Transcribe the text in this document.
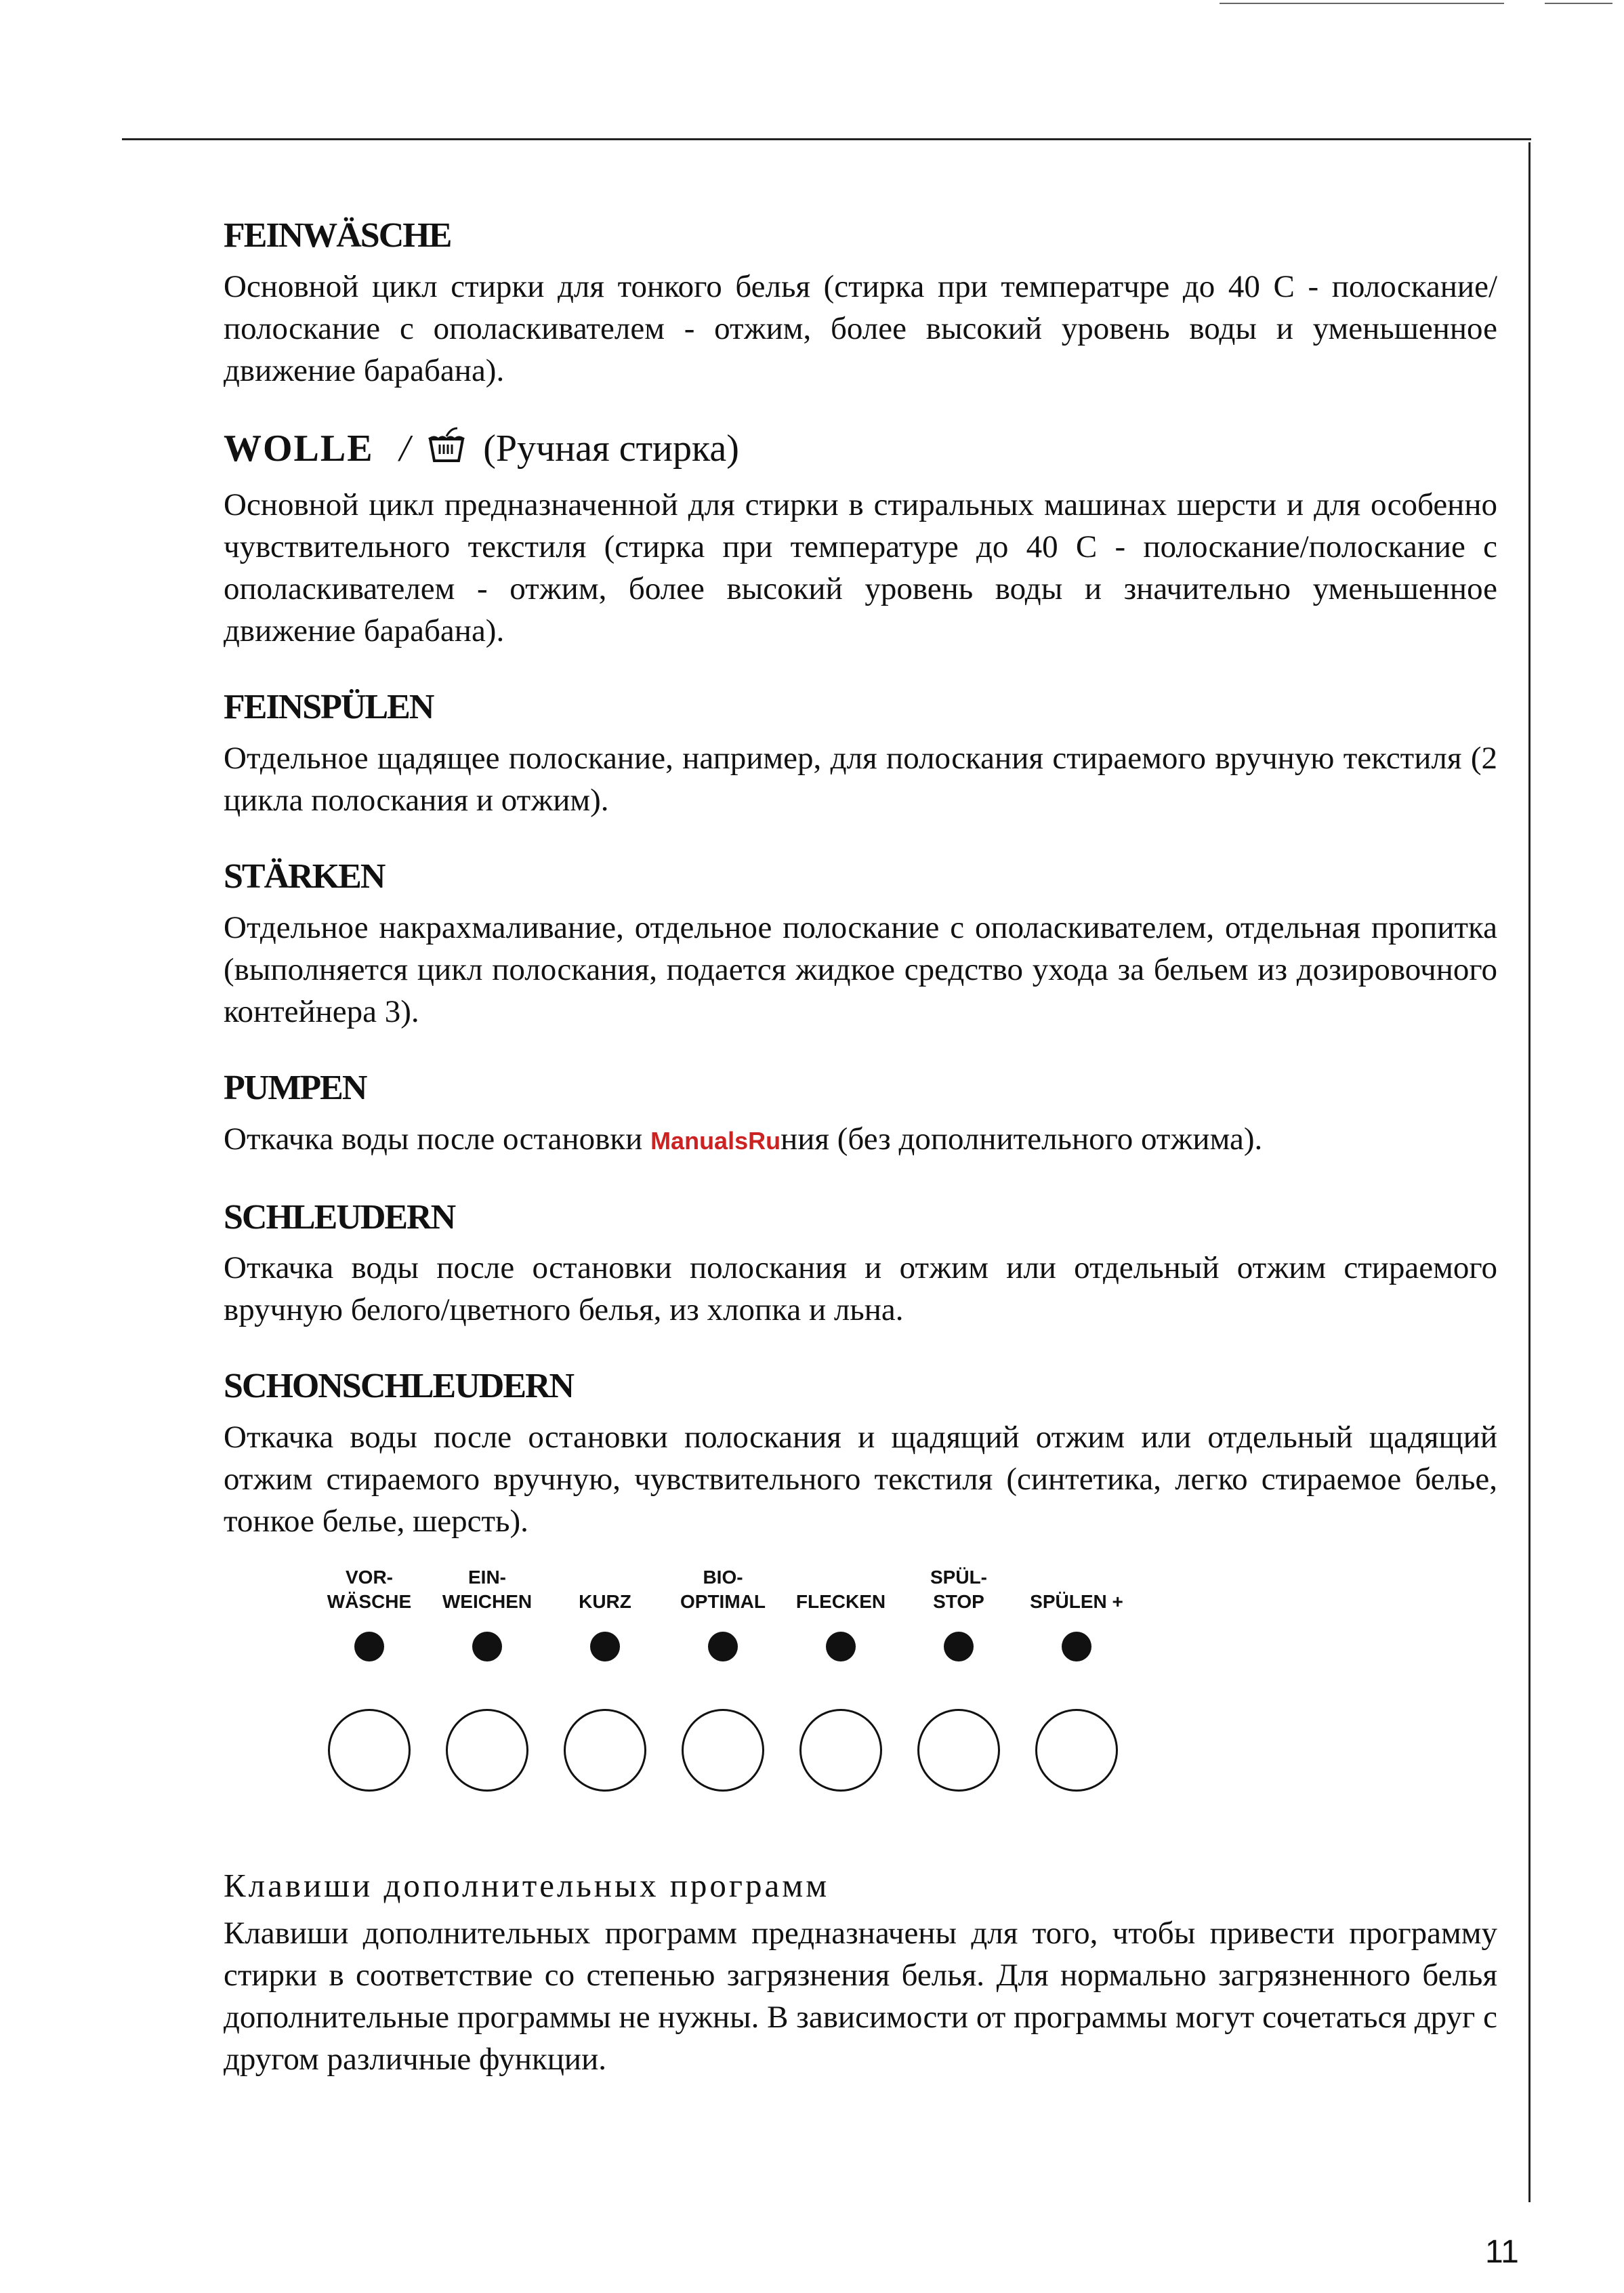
FEINWÄSCHE

Основной цикл стирки для тонкого белья (стирка при температчре до 40 С - полоскание/полоскание с ополаскивателем - отжим, более высокий уровень воды и уменьшенное движение барабана).

WOLLE / (Ручная стирка)

Основной цикл предназначенной для стирки в стиральных машинах шерсти и для особенно чувствительного текстиля (стирка при температуре до 40 С - полоскание/полоскание с ополаскивателем - отжим, более высокий уровень воды и значительно уменьшенное движение барабана).

FEINSPÜLEN

Отдельное щадящее полоскание, например, для полоскания стираемого вручную текстиля (2 цикла полоскания и отжим).

STÄRKEN

Отдельное накрахмаливание, отдельное полоскание с ополаскивателем, отдельная пропитка (выполняется цикл полоскания, подается жидкое средство ухода за бельем из дозировочного контейнера 3).

PUMPEN

Откачка воды после остановки ManualsRuния (без дополнительного отжима).

SCHLEUDERN

Откачка воды после остановки полоскания и отжим или отдельный отжим стираемого вручную белого/цветного белья, из хлопка и льна.

SCHONSCHLEUDERN

Откачка воды после остановки полоскания и щадящий отжим или отдельный щадящий отжим стираемого вручную, чувствительного текстиля (синтетика, легко стираемое белье, тонкое белье, шерсть).

VOR-
WÄSCHE
EIN-
WEICHEN	KURZ
BIO-
OPTIMAL	FLECKEN
SPÜL-
STOP	SPÜLEN +
Клавиши дополнительных программ

Клавиши дополнительных программ предназначены для того, чтобы привести программу стирки в соответствие со степенью загрязнения белья. Для нормально загрязненного белья дополнительные программы не нужны. В зависимости от программы могут сочетаться друг с другом различные функции.

11
